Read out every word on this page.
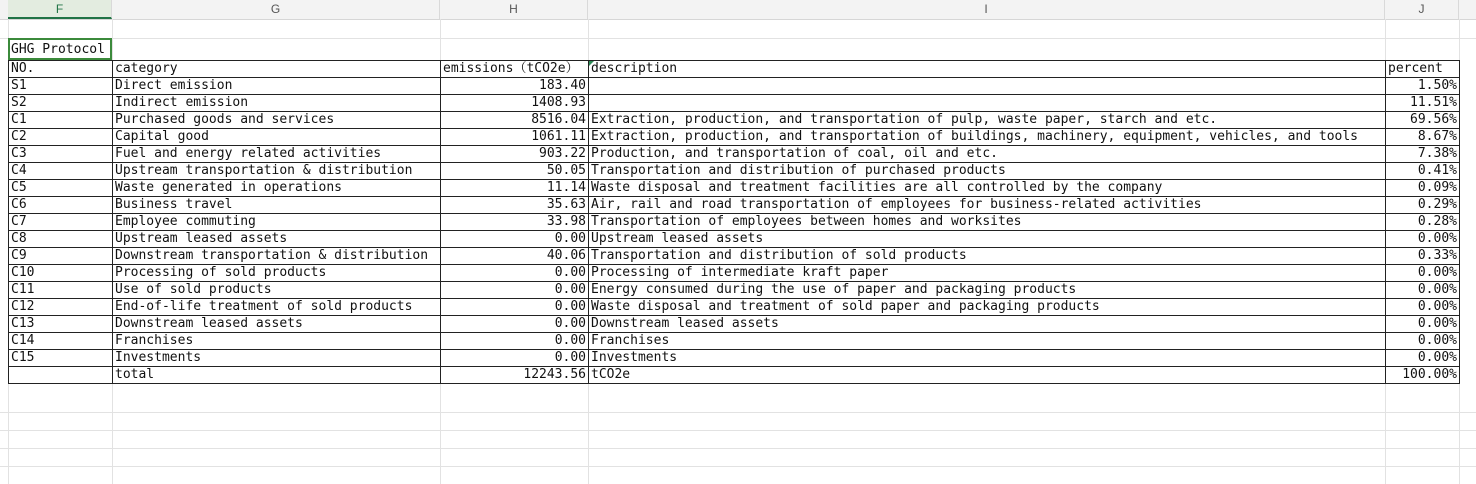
F	G	H	I	J
GHG Protocol
NO.	category	emissions（tCO2e）	description	percent
S1	Direct emission	183.40		1.50%
S2	Indirect emission	1408.93		11.51%
C1	Purchased goods and services	8516.04	Extraction, production, and transportation of pulp, waste paper, starch and etc.	69.56%
C2	Capital good	1061.11	Extraction, production, and transportation of buildings, machinery, equipment, vehicles, and tools	8.67%
C3	Fuel and energy related activities	903.22	Production, and transportation of coal, oil and etc.	7.38%
C4	Upstream transportation & distribution	50.05	Transportation and distribution of purchased products	0.41%
C5	Waste generated in operations	11.14	Waste disposal and treatment facilities are all controlled by the company	0.09%
C6	Business travel	35.63	Air, rail and road transportation of employees for business-related activities	0.29%
C7	Employee commuting	33.98	Transportation of employees between homes and worksites	0.28%
C8	Upstream leased assets	0.00	Upstream leased assets	0.00%
C9	Downstream transportation & distribution	40.06	Transportation and distribution of sold products	0.33%
C10	Processing of sold products	0.00	Processing of intermediate kraft paper	0.00%
C11	Use of sold products	0.00	Energy consumed during the use of paper and packaging products	0.00%
C12	End-of-life treatment of sold products	0.00	Waste disposal and treatment of sold paper and packaging products	0.00%
C13	Downstream leased assets	0.00	Downstream leased assets	0.00%
C14	Franchises	0.00	Franchises	0.00%
C15	Investments	0.00	Investments	0.00%
	total	12243.56	tCO2e	100.00%
